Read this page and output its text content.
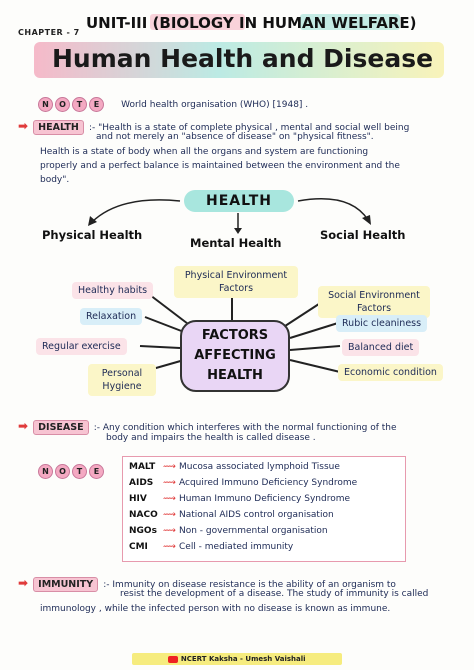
CHAPTER - 7
UNIT-III (BIOLOGY IN HUMAN WELFARE)
Human Health and Disease
N O T E World health organisation (WHO) [1948] .
➡ HEALTH :- "Health is a state of complete physical , mental and social well being
and not merely an "absence of disease" on "physical fitness".
Health is a state of body when all the organs and system are functioning
properly and a perfect balance is maintained between the environment and the
body".
HEALTH
Physical Health
Mental Health
Social Health
Healthy habits
Physical Environment Factors
Social Environment Factors
Relaxation
Rubic cleaniness
Regular exercise	Balanced diet
Personal Hygiene
Economic condition
FACTORS
AFFECTING
HEALTH
➡ DISEASE :- Any condition which interferes with the normal functioning of the
body and impairs the health is called disease .
N O T E	MALT ⟿ Mucosa associated lymphoid Tissue
AIDS ⟿ Acquired Immuno Deficiency Syndrome
HIV ⟿ Human Immuno Deficiency Syndrome
NACO ⟿ National AIDS control organisation
NGOs ⟿ Non - governmental organisation
CMI ⟿ Cell - mediated immunity
➡ IMMUNITY :- Immunity on disease resistance is the ability of an organism to
resist the development of a disease. The study of immunity is called
immunology , while the infected person with no disease is known as immune.
NCERT Kaksha - Umesh Vaishali
